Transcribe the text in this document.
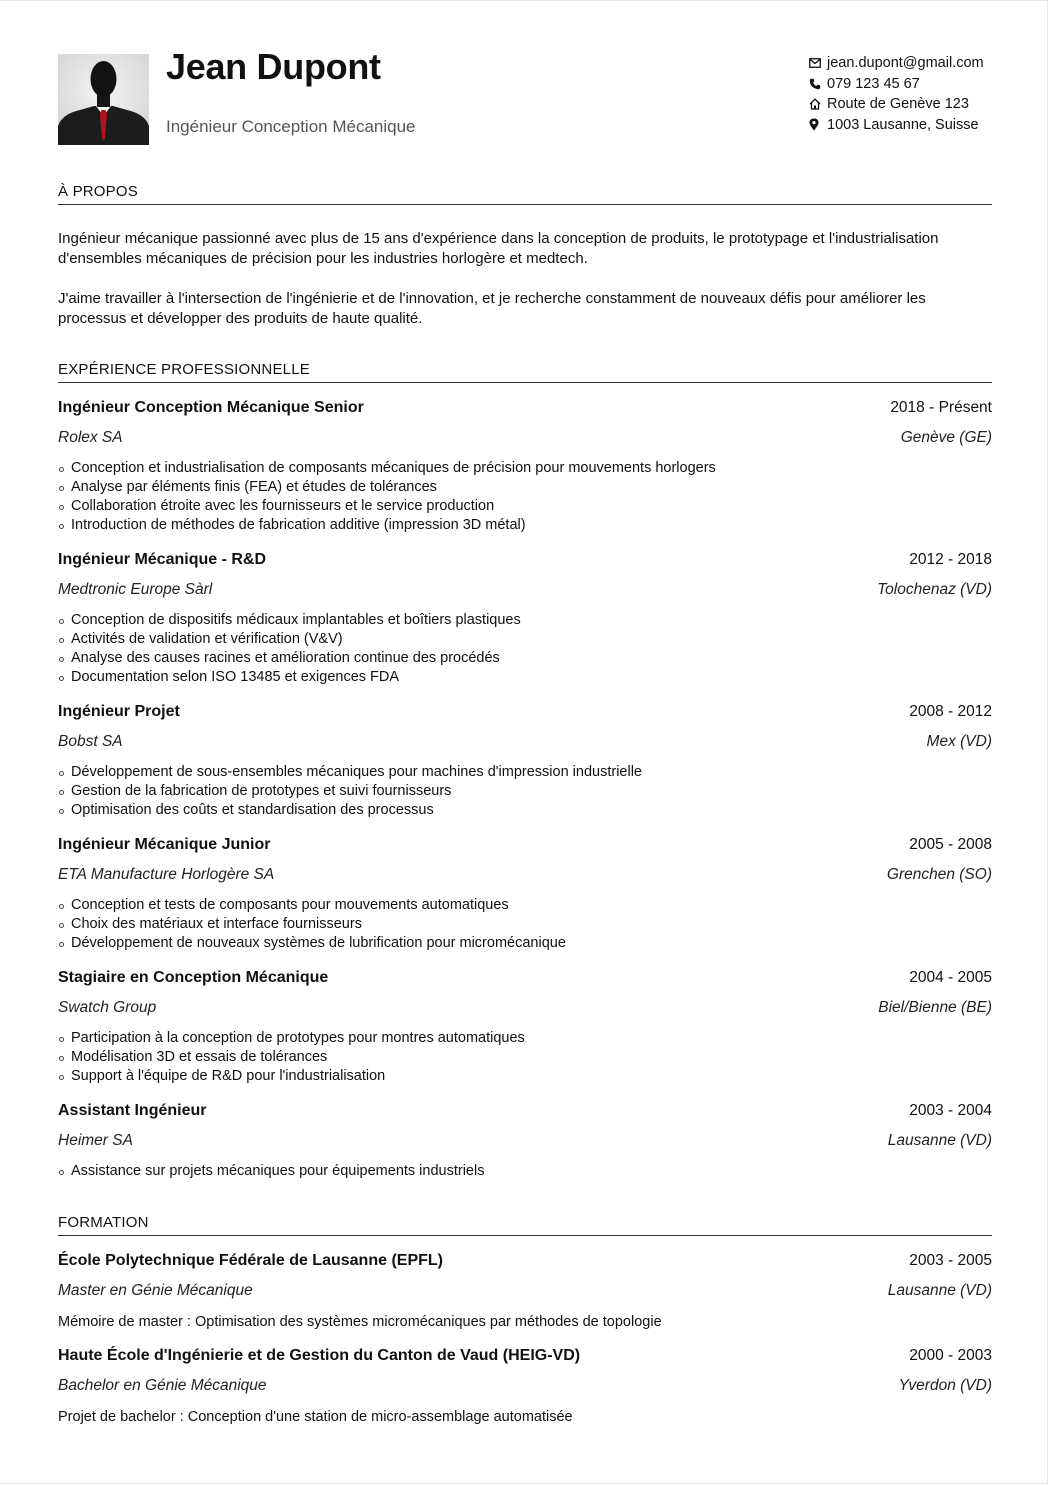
Jean Dupont
Ingénieur Conception Mécanique
jean.dupont@gmail.com
079 123 45 67
Route de Genève 123
1003 Lausanne, Suisse
À PROPOS

Ingénieur mécanique passionné avec plus de 15 ans d'expérience dans la conception de produits, le prototypage et l'industrialisation d'ensembles mécaniques de précision pour les industries horlogère et medtech.

J'aime travailler à l'intersection de l'ingénierie et de l'innovation, et je recherche constamment de nouveaux défis pour améliorer les processus et développer des produits de haute qualité.

EXPÉRIENCE PROFESSIONNELLE
Ingénieur Conception Mécanique Senior	2018 - Présent
Rolex SA	Genève (GE)
Conception et industrialisation de composants mécaniques de précision pour mouvements horlogers
Analyse par éléments finis (FEA) et études de tolérances
Collaboration étroite avec les fournisseurs et le service production
Introduction de méthodes de fabrication additive (impression 3D métal)
Ingénieur Mécanique - R&D	2012 - 2018
Medtronic Europe Sàrl	Tolochenaz (VD)
Conception de dispositifs médicaux implantables et boîtiers plastiques
Activités de validation et vérification (V&V)
Analyse des causes racines et amélioration continue des procédés
Documentation selon ISO 13485 et exigences FDA
Ingénieur Projet	2008 - 2012
Bobst SA	Mex (VD)
Développement de sous-ensembles mécaniques pour machines d'impression industrielle
Gestion de la fabrication de prototypes et suivi fournisseurs
Optimisation des coûts et standardisation des processus
Ingénieur Mécanique Junior	2005 - 2008
ETA Manufacture Horlogère SA	Grenchen (SO)
Conception et tests de composants pour mouvements automatiques
Choix des matériaux et interface fournisseurs
Développement de nouveaux systèmes de lubrification pour micromécanique
Stagiaire en Conception Mécanique	2004 - 2005
Swatch Group	Biel/Bienne (BE)
Participation à la conception de prototypes pour montres automatiques
Modélisation 3D et essais de tolérances
Support à l'équipe de R&D pour l'industrialisation
Assistant Ingénieur	2003 - 2004
Heimer SA	Lausanne (VD)
Assistance sur projets mécaniques pour équipements industriels
FORMATION
École Polytechnique Fédérale de Lausanne (EPFL)	2003 - 2005
Master en Génie Mécanique	Lausanne (VD)
Mémoire de master : Optimisation des systèmes micromécaniques par méthodes de topologie
Haute École d'Ingénierie et de Gestion du Canton de Vaud (HEIG-VD)	2000 - 2003
Bachelor en Génie Mécanique	Yverdon (VD)
Projet de bachelor : Conception d'une station de micro-assemblage automatisée
